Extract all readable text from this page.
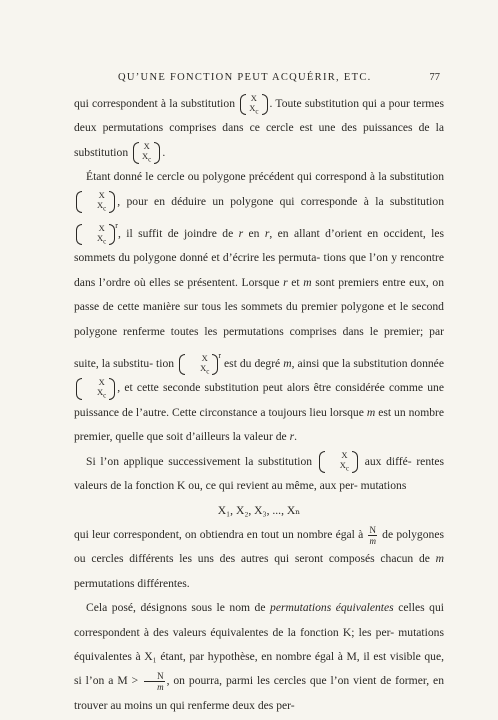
QU’UNE FONCTION PEUT ACQUÉRIR, ETC.	77

qui correspondent à la substitution X
$X_c$
. Toute substitution qui a pour termes deux permutations comprises dans ce cercle est une des puissances de la substitution X
$X_c$
.

Étant donné le cercle ou polygone précédent qui correspond à la substitution
X
$X_c$
, pour en déduire un polygone qui corresponde à la substitution
X
$X_c$
$^r$, il suffit de joindre de r en r, en allant d’orient en occident, les sommets du polygone donné et d’écrire les permuta- tions que l’on y rencontre dans l’ordre où elles se présentent. Lorsque r et m sont premiers entre eux, on passe de cette manière sur tous les sommets du premier polygone et le second polygone renferme toutes les permutations comprises dans le premier; par suite, la substitu- tion	X
$X_c$
$^r$ est du degré m, ainsi que la substitution donnée
X
$X_c$
, et cette seconde substitution peut alors être considérée comme une puissance de l’autre. Cette circonstance a toujours lieu lorsque m est un nombre premier, quelle que soit d’ailleurs la valeur de r.

Si l’on applique successivement la substitution	X
$X_c$
aux diffé- rentes valeurs de la fonction K ou, ce qui revient au même, aux per- mutations

X₁, X₂, X₃, ..., Xₙ

qui leur correspondent, on obtiendra en tout un nombre égal à $\frac{N}{m}$ de polygones ou cercles différents les uns des autres qui seront composés chacun de m permutations différentes.

Cela posé, désignons sous le nom de permutations équivalentes celles qui correspondent à des valeurs équivalentes de la fonction K; les per- mutations équivalentes à X₁ étant, par hypothèse, en nombre égal à M, il est visible que, si l’on a $M > \frac{N}{m}$ , on pourra, parmi les cercles que l’on vient de former, en trouver au moins un qui renferme deux des per-
